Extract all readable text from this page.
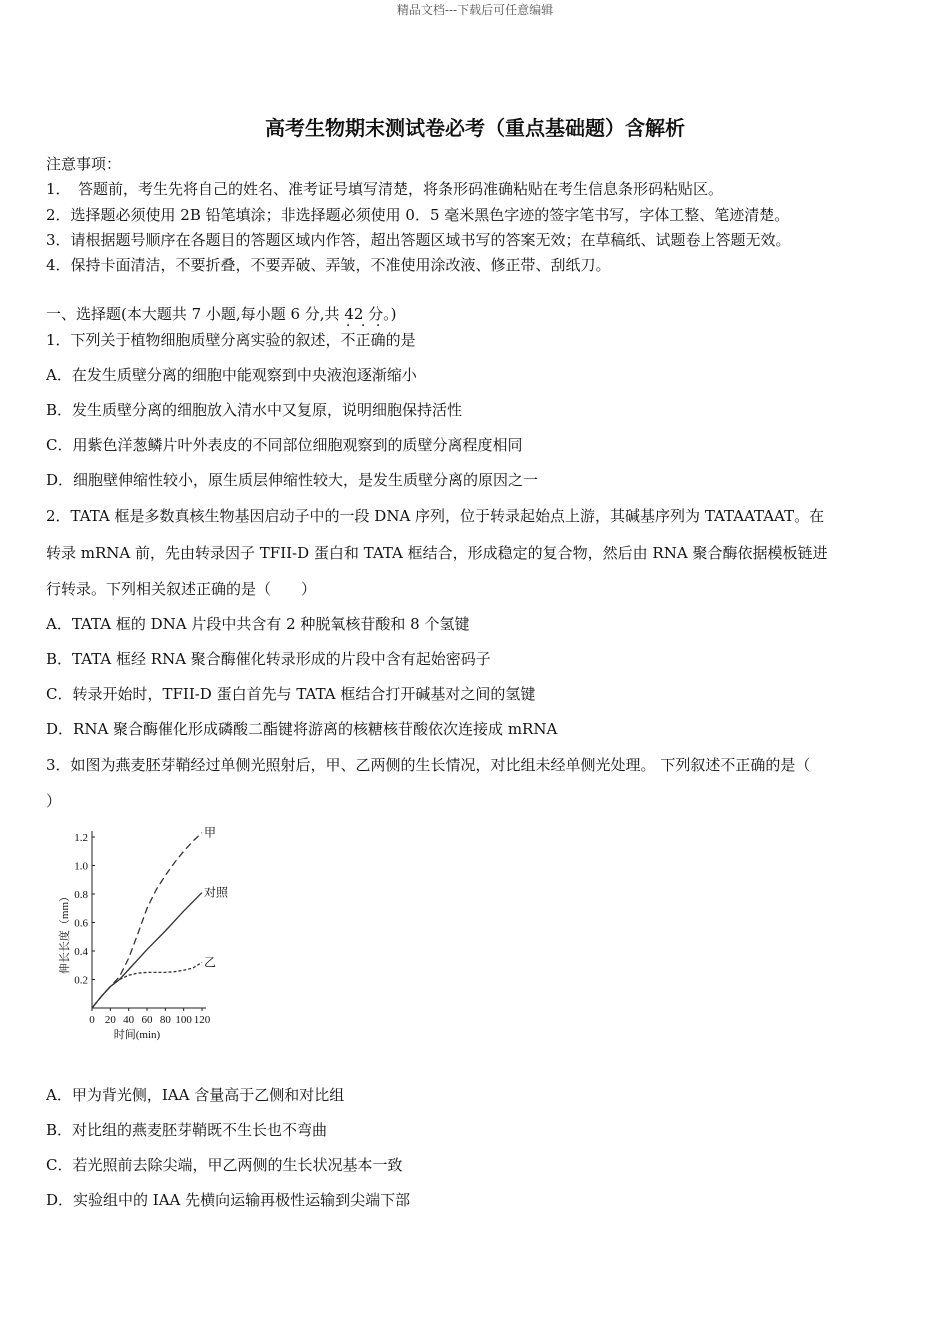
精品文档---下载后可任意编辑
高考生物期末测试卷必考（重点基础题）含解析
注意事项：
1．　答题前，考生先将自己的姓名、准考证号填写清楚，将条形码准确粘贴在考生信息条形码粘贴区。
2．选择题必须使用 2B 铅笔填涂；非选择题必须使用 0．5 毫米黑色字迹的签字笔书写，字体工整、笔迹清楚。
3．请根据题号顺序在各题目的答题区域内作答，超出答题区域书写的答案无效；在草稿纸、试题卷上答题无效。
4．保持卡面清洁，不要折叠，不要弄破、弄皱，不准使用涂改液、修正带、刮纸刀。
一、选择题(本大题共 7 小题,每小题 6 分,共 42 分。)
1．下列关于植物细胞质壁分离实验的叙述，不正确的是
A．在发生质壁分离的细胞中能观察到中央液泡逐渐缩小
B．发生质壁分离的细胞放入清水中又复原，说明细胞保持活性
C．用紫色洋葱鳞片叶外表皮的不同部位细胞观察到的质壁分离程度相同
D．细胞壁伸缩性较小，原生质层伸缩性较大，是发生质壁分离的原因之一
2．TATA 框是多数真核生物基因启动子中的一段 DNA 序列，位于转录起始点上游，其碱基序列为 TATAATAAT。在
转录 mRNA 前，先由转录因子 TFII-D 蛋白和 TATA 框结合，形成稳定的复合物，然后由 RNA 聚合酶依据模板链进
行转录。下列相关叙述正确的是（　　）
A．TATA 框的 DNA 片段中共含有 2 种脱氧核苷酸和 8 个氢键
B．TATA 框经 RNA 聚合酶催化转录形成的片段中含有起始密码子
C．转录开始时，TFII-D 蛋白首先与 TATA 框结合打开碱基对之间的氢键
D．RNA 聚合酶催化形成磷酸二酯键将游离的核糖核苷酸依次连接成 mRNA
3．如图为燕麦胚芽鞘经过单侧光照射后，甲、乙两侧的生长情况，对比组未经单侧光处理。 下列叙述不正确的是（
）
0 20 40 60 80 100 120
0.2
0.4
0.6
0.8
1.0
1.2	甲
对照
乙
时间(min)
伸长长度（mm）
A．甲为背光侧，IAA 含量高于乙侧和对比组
B．对比组的燕麦胚芽鞘既不生长也不弯曲
C．若光照前去除尖端，甲乙两侧的生长状况基本一致
D．实验组中的 IAA 先横向运输再极性运输到尖端下部
